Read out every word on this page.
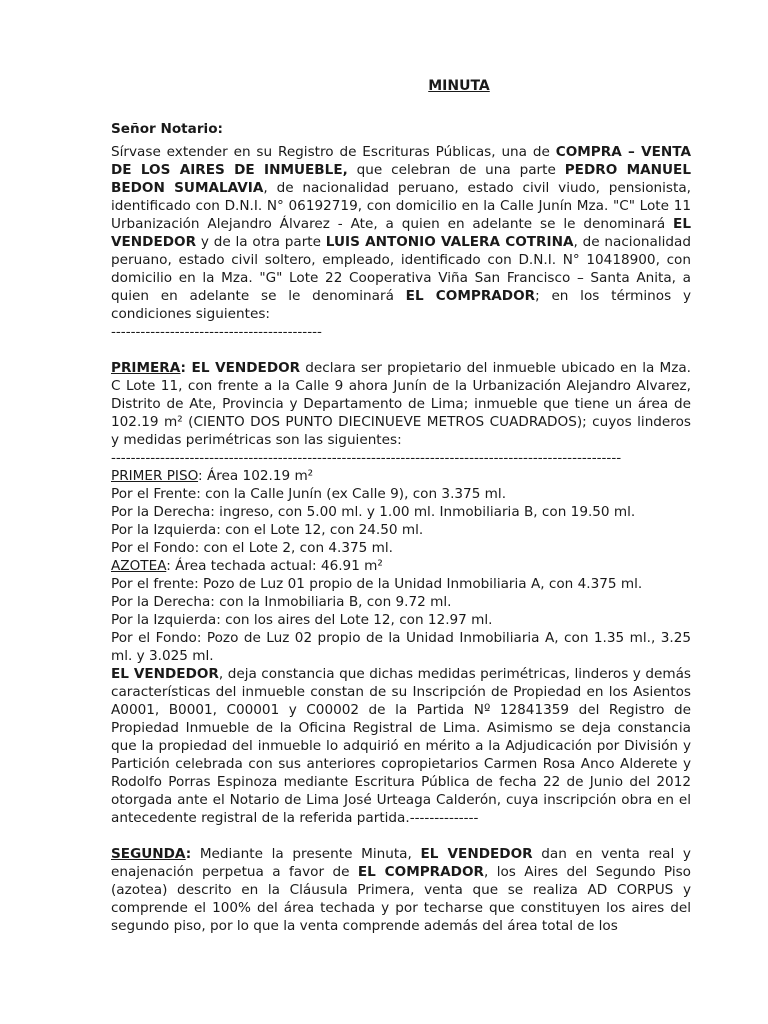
MINUTA
Señor Notario:

Sírvase extender en su Registro de Escrituras Públicas, una de COMPRA – VENTA DE LOS AIRES DE INMUEBLE, que celebran de una parte PEDRO MANUEL BEDON SUMALAVIA, de nacionalidad peruano, estado civil viudo, pensionista, identificado con D.N.I. N° 06192719, con domicilio en la Calle Junín Mza. "C" Lote 11 Urbanización Alejandro Álvarez - Ate, a quien en adelante se le denominará EL VENDEDOR y de la otra parte LUIS ANTONIO VALERA COTRINA, de nacionalidad peruano, estado civil soltero, empleado, identificado con D.N.I. N° 10418900, con domicilio en la Mza. "G" Lote 22 Cooperativa Viña San Francisco – Santa Anita, a quien en adelante se le denominará EL COMPRADOR; en los términos y condiciones siguientes:

-------------------------------------------

PRIMERA: EL VENDEDOR declara ser propietario del inmueble ubicado en la Mza. C Lote 11, con frente a la Calle 9 ahora Junín de la Urbanización Alejandro Alvarez, Distrito de Ate, Provincia y Departamento de Lima; inmueble que tiene un área de 102.19 m² (CIENTO DOS PUNTO DIECINUEVE METROS CUADRADOS); cuyos linderos y medidas perimétricas son las siguientes:

--------------------------------------------------------------------------------------------------------

PRIMER PISO: Área 102.19 m²

Por el Frente: con la Calle Junín (ex Calle 9), con 3.375 ml.

Por la Derecha: ingreso, con 5.00 ml. y 1.00 ml. Inmobiliaria B, con 19.50 ml.

Por la Izquierda: con el Lote 12, con 24.50 ml.

Por el Fondo: con el Lote 2, con 4.375 ml.

AZOTEA: Área techada actual: 46.91 m²

Por el frente: Pozo de Luz 01 propio de la Unidad Inmobiliaria A, con 4.375 ml.

Por la Derecha: con la Inmobiliaria B, con 9.72 ml.

Por la Izquierda: con los aires del Lote 12, con 12.97 ml.

Por el Fondo: Pozo de Luz 02 propio de la Unidad Inmobiliaria A, con 1.35 ml., 3.25 ml. y 3.025 ml.

EL VENDEDOR, deja constancia que dichas medidas perimétricas, linderos y demás características del inmueble constan de su Inscripción de Propiedad en los Asientos A0001, B0001, C00001 y C00002 de la Partida Nº 12841359 del Registro de Propiedad Inmueble de la Oficina Registral de Lima. Asimismo se deja constancia que la propiedad del inmueble lo adquirió en mérito a la Adjudicación por División y Partición celebrada con sus anteriores copropietarios Carmen Rosa Anco Alderete y Rodolfo Porras Espinoza mediante Escritura Pública de fecha 22 de Junio del 2012 otorgada ante el Notario de Lima José Urteaga Calderón, cuya inscripción obra en el antecedente registral de la referida partida.--------------

SEGUNDA: Mediante la presente Minuta, EL VENDEDOR dan en venta real y enajenación perpetua a favor de EL COMPRADOR, los Aires del Segundo Piso (azotea) descrito en la Cláusula Primera, venta que se realiza AD CORPUS y comprende el 100% del área techada y por techarse que constituyen los aires del segundo piso, por lo que la venta comprende además del área total de los
